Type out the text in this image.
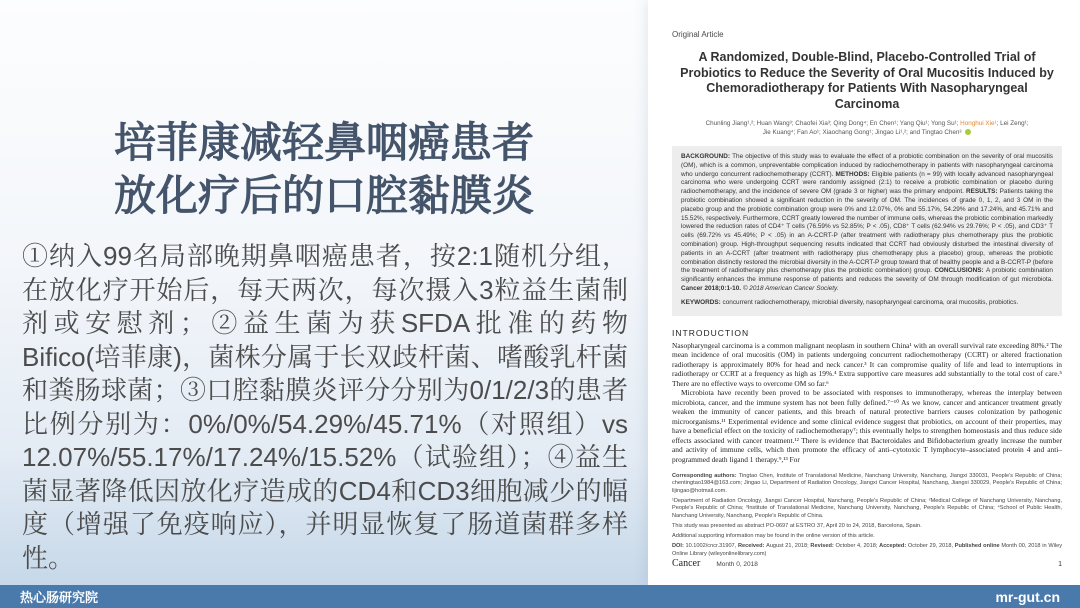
培菲康减轻鼻咽癌患者
放化疗后的口腔黏膜炎
①纳入99名局部晚期鼻咽癌患者，按2:1随机分组，在放化疗开始后，每天两次，每次摄入3粒益生菌制剂或安慰剂；②益生菌为获SFDA批准的药物Bifico(培菲康)，菌株分属于长双歧杆菌、嗜酸乳杆菌和粪肠球菌；③口腔黏膜炎评分分别为0/1/2/3的患者比例分别为：0%/0%/54.29%/45.71%（对照组）vs 12.07%/55.17%/17.24%/15.52%（试验组）；④益生菌显著降低因放化疗造成的CD4和CD3细胞减少的幅度（增强了免疫响应），并明显恢复了肠道菌群多样性。
Original Article
A Randomized, Double-Blind, Placebo-Controlled Trial of Probiotics to Reduce the Severity of Oral Mucositis Induced by Chemoradiotherapy for Patients With Nasopharyngeal Carcinoma
Chunling Jiang¹,²; Huan Wang³; Chaofei Xia³; Qing Dong⁴; En Chen¹; Yang Qiu¹; Yong Su¹; Honghui Xie¹; Lei Zeng¹;
Jie Kuang⁴; Fan Ao¹; Xiaochang Gong¹; Jingao Li¹,²; and Tingtao Chen³
BACKGROUND: The objective of this study was to evaluate the effect of a probiotic combination on the severity of oral mucositis (OM), which is a common, unpreventable complication induced by radiochemotherapy in patients with nasopharyngeal carcinoma who undergo concurrent radiochemotherapy (CCRT). METHODS: Eligible patients (n = 99) with locally advanced nasopharyngeal carcinoma who were undergoing CCRT were randomly assigned (2:1) to receive a probiotic combination or placebo during radiochemotherapy, and the incidence of severe OM (grade 3 or higher) was the primary endpoint. RESULTS: Patients taking the probiotic combination showed a significant reduction in the severity of OM. The incidences of grade 0, 1, 2, and 3 OM in the placebo group and the probiotic combination group were 0% and 12.07%, 0% and 55.17%, 54.29% and 17.24%, and 45.71% and 15.52%, respectively. Furthermore, CCRT greatly lowered the number of immune cells, whereas the probiotic combination markedly lowered the reduction rates of CD4⁺ T cells (76.59% vs 52.85%; P < .05), CD8⁺ T cells (62.94% vs 29.76%; P < .05), and CD3⁺ T cells (69.72% vs 45.49%; P < .05) in an A-CCRT-P (after treatment with radiotherapy plus chemotherapy plus the probiotic combination) group. High-throughput sequencing results indicated that CCRT had obviously disturbed the intestinal diversity of patients in an A-CCRT (after treatment with radiotherapy plus chemotherapy plus a placebo) group, whereas the probiotic combination distinctly restored the microbial diversity in the A-CCRT-P group toward that of healthy people and a B-CCRT-P (before the treatment of radiotherapy plus chemotherapy plus the probiotic combination) group. CONCLUSIONS: A probiotic combination significantly enhances the immune response of patients and reduces the severity of OM through modification of gut microbiota. Cancer 2018;0:1-10. © 2018 American Cancer Society.
KEYWORDS: concurrent radiochemotherapy, microbial diversity, nasopharyngeal carcinoma, oral mucositis, probiotics.
INTRODUCTION
Nasopharyngeal carcinoma is a common malignant neoplasm in southern China¹ with an overall survival rate exceeding 80%.² The mean incidence of oral mucositis (OM) in patients undergoing concurrent radiochemotherapy (CCRT) or altered fractionation radiotherapy is approximately 80% for head and neck cancer.³ It can compromise quality of life and lead to interruptions in radiotherapy or CCRT at a frequency as high as 19%.⁴ Extra supportive care measures add substantially to the total cost of care.⁵ There are no effective ways to overcome OM so far.⁶
Microbiota have recently been proved to be associated with responses to immunotherapy, whereas the interplay between microbiota, cancer, and the immune system has not been fully defined.⁷⁻¹⁰ As we know, cancer and anticancer treatment greatly weaken the immunity of cancer patients, and this breach of natural protective barriers causes colonization by pathogenic microorganisms.¹¹ Experimental evidence and some clinical evidence suggest that probiotics, on account of their properties, may have a beneficial effect on the toxicity of radiochemotherapy⁷; this eventually helps to strengthen homeostasis and thus reduce side effects associated with cancer treatment.¹² There is evidence that Bacteroidales and Bifidobacterium greatly increase the number and activity of immune cells, which then promote the efficacy of anti–cytotoxic T lymphocyte–associated protein 4 and anti–programmed death ligand 1 therapy.⁹,¹³ For
Corresponding authors: Tingtao Chen, Institute of Translational Medicine, Nanchang University, Nanchang, Jiangxi 330031, People's Republic of China; chentingtao1984@163.com; Jingao Li, Department of Radiation Oncology, Jiangxi Cancer Hospital, Nanchang, Jiangxi 330029, People's Republic of China; lijingao@hotmail.com.
¹Department of Radiation Oncology, Jiangxi Cancer Hospital, Nanchang, People's Republic of China; ²Medical College of Nanchang University, Nanchang, People's Republic of China; ³Institute of Translational Medicine, Nanchang University, Nanchang, People's Republic of China; ⁴School of Public Health, Nanchang University, Nanchang, People's Republic of China.
This study was presented as abstract PO-0697 at ESTRO 37, April 20 to 24, 2018, Barcelona, Spain.
Additional supporting information may be found in the online version of this article.
DOI: 10.1002/cncr.31907, Received: August 21, 2018; Revised: October 4, 2018; Accepted: October 29, 2018, Published online Month 00, 2018 in Wiley Online Library (wileyonlinelibrary.com)
Cancer Month 0, 2018	1
热心肠研究院	mr-gut.cn
